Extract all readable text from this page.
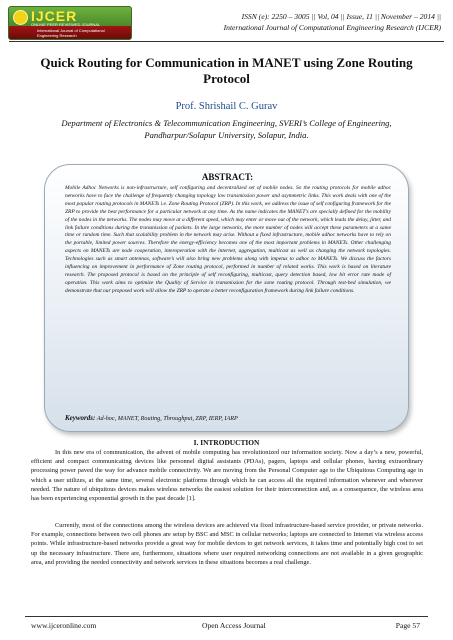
IJCER
ONLINE PEER REVIEWED JOURNAL
International Journal of Computational
Engineering Research
ISSN (e): 2250 – 3005 || Vol, 04 || Issue, 11 || November – 2014 ||
International Journal of Computational Engineering Research (IJCER)
Quick Routing for Communication in MANET using Zone Routing Protocol
Prof. Shrishail C. Gurav
Department of Electronics & Telecommunication Engineering, SVERI’s College of Engineering, Pandharpur/Solapur University, Solapur, India.
ABSTRACT:
Mobile Adhoc Networks is non-infrastructure, self configuring and decentralized set of mobile nodes. So the routing protocols for mobile adhoc networks have to face the challenge of frequently changing topology low transmission power and asymmetric links. This work deals with one of the most popular routing protocols in MANETs i.e. Zone Routing Protocol (ZRP). In this work, we address the issue of self configuring framework for the ZRP to provide the best performance for a particular network at any time. As the name indicates the MANET’s are specially defined for the mobility of the nodes in the networks. The nodes may move at a different speed, which may enter or move out of the network, which leads the delay, jitter, and link failure conditions during the transmission of packets. In the large networks, the more number of nodes will accept these parameters at a same time or random time. Such that scalability problem in the network may arise. Without a fixed infrastructure, mobile adhoc networks have to rely on the portable, limited power sources. Therefore the energy-efficiency becomes one of the most important problems in MANETs. Other challenging aspects on MANETs are node cooperation, interoperation with the internet, aggregation, multicast as well as changing the network topologies. Technologies such as smart antennas, software’s will also bring new problems along with impetus to adhoc to MANETs. We discuss the factors influencing on improvement in performance of Zone routing protocol, performed in number of related works. This work is based on literature research. The proposed protocol is based on the principle of self reconfiguring, multicast, query detection based, low bit error rate mode of operation. This work aims to optimize the Quality of Service in transmission for the zone routing protocol. Through test-bed simulation, we demonstrate that our proposed work will allow the ZRP to operate a better reconfiguration framework during link failure conditions.
Keywords: Ad-hoc, MANET, Routing, Throughput, ZRP, IERP, IARP
I. INTRODUCTION

In this new era of communication, the advent of mobile computing has revolutionized our information society. Now a day’s a new, powerful, efficient and compact communicating devices like personnel digital assistants (PDAs), pagers, laptops and cellular phones, having extraordinary processing power paved the way for advance mobile connectivity. We are moving from the Personal Computer age to the Ubiquitous Computing age in which a user utilizes, at the same time, several electronic platforms through which he can access all the required information whenever and wherever needed. The nature of ubiquitous devices makes wireless networks the easiest solution for their interconnection and, as a consequence, the wireless area has been experiencing exponential growth in the past decade [1].

Currently, most of the connections among the wireless devices are achieved via fixed infrastructure-based service provider, or private networks. For example, connections between two cell phones are setup by BSC and MSC in cellular networks; laptops are connected to Internet via wireless access points. While infrastructure-based networks provide a great way for mobile devices to get network services, it takes time and potentially high cost to set up the necessary infrastructure. There are, furthermore, situations where user required networking connections are not available in a given geographic area, and providing the needed connectivity and network services in these situations becomes a real challenge.

www.ijceronline.com	Open Access Journal	Page 57
